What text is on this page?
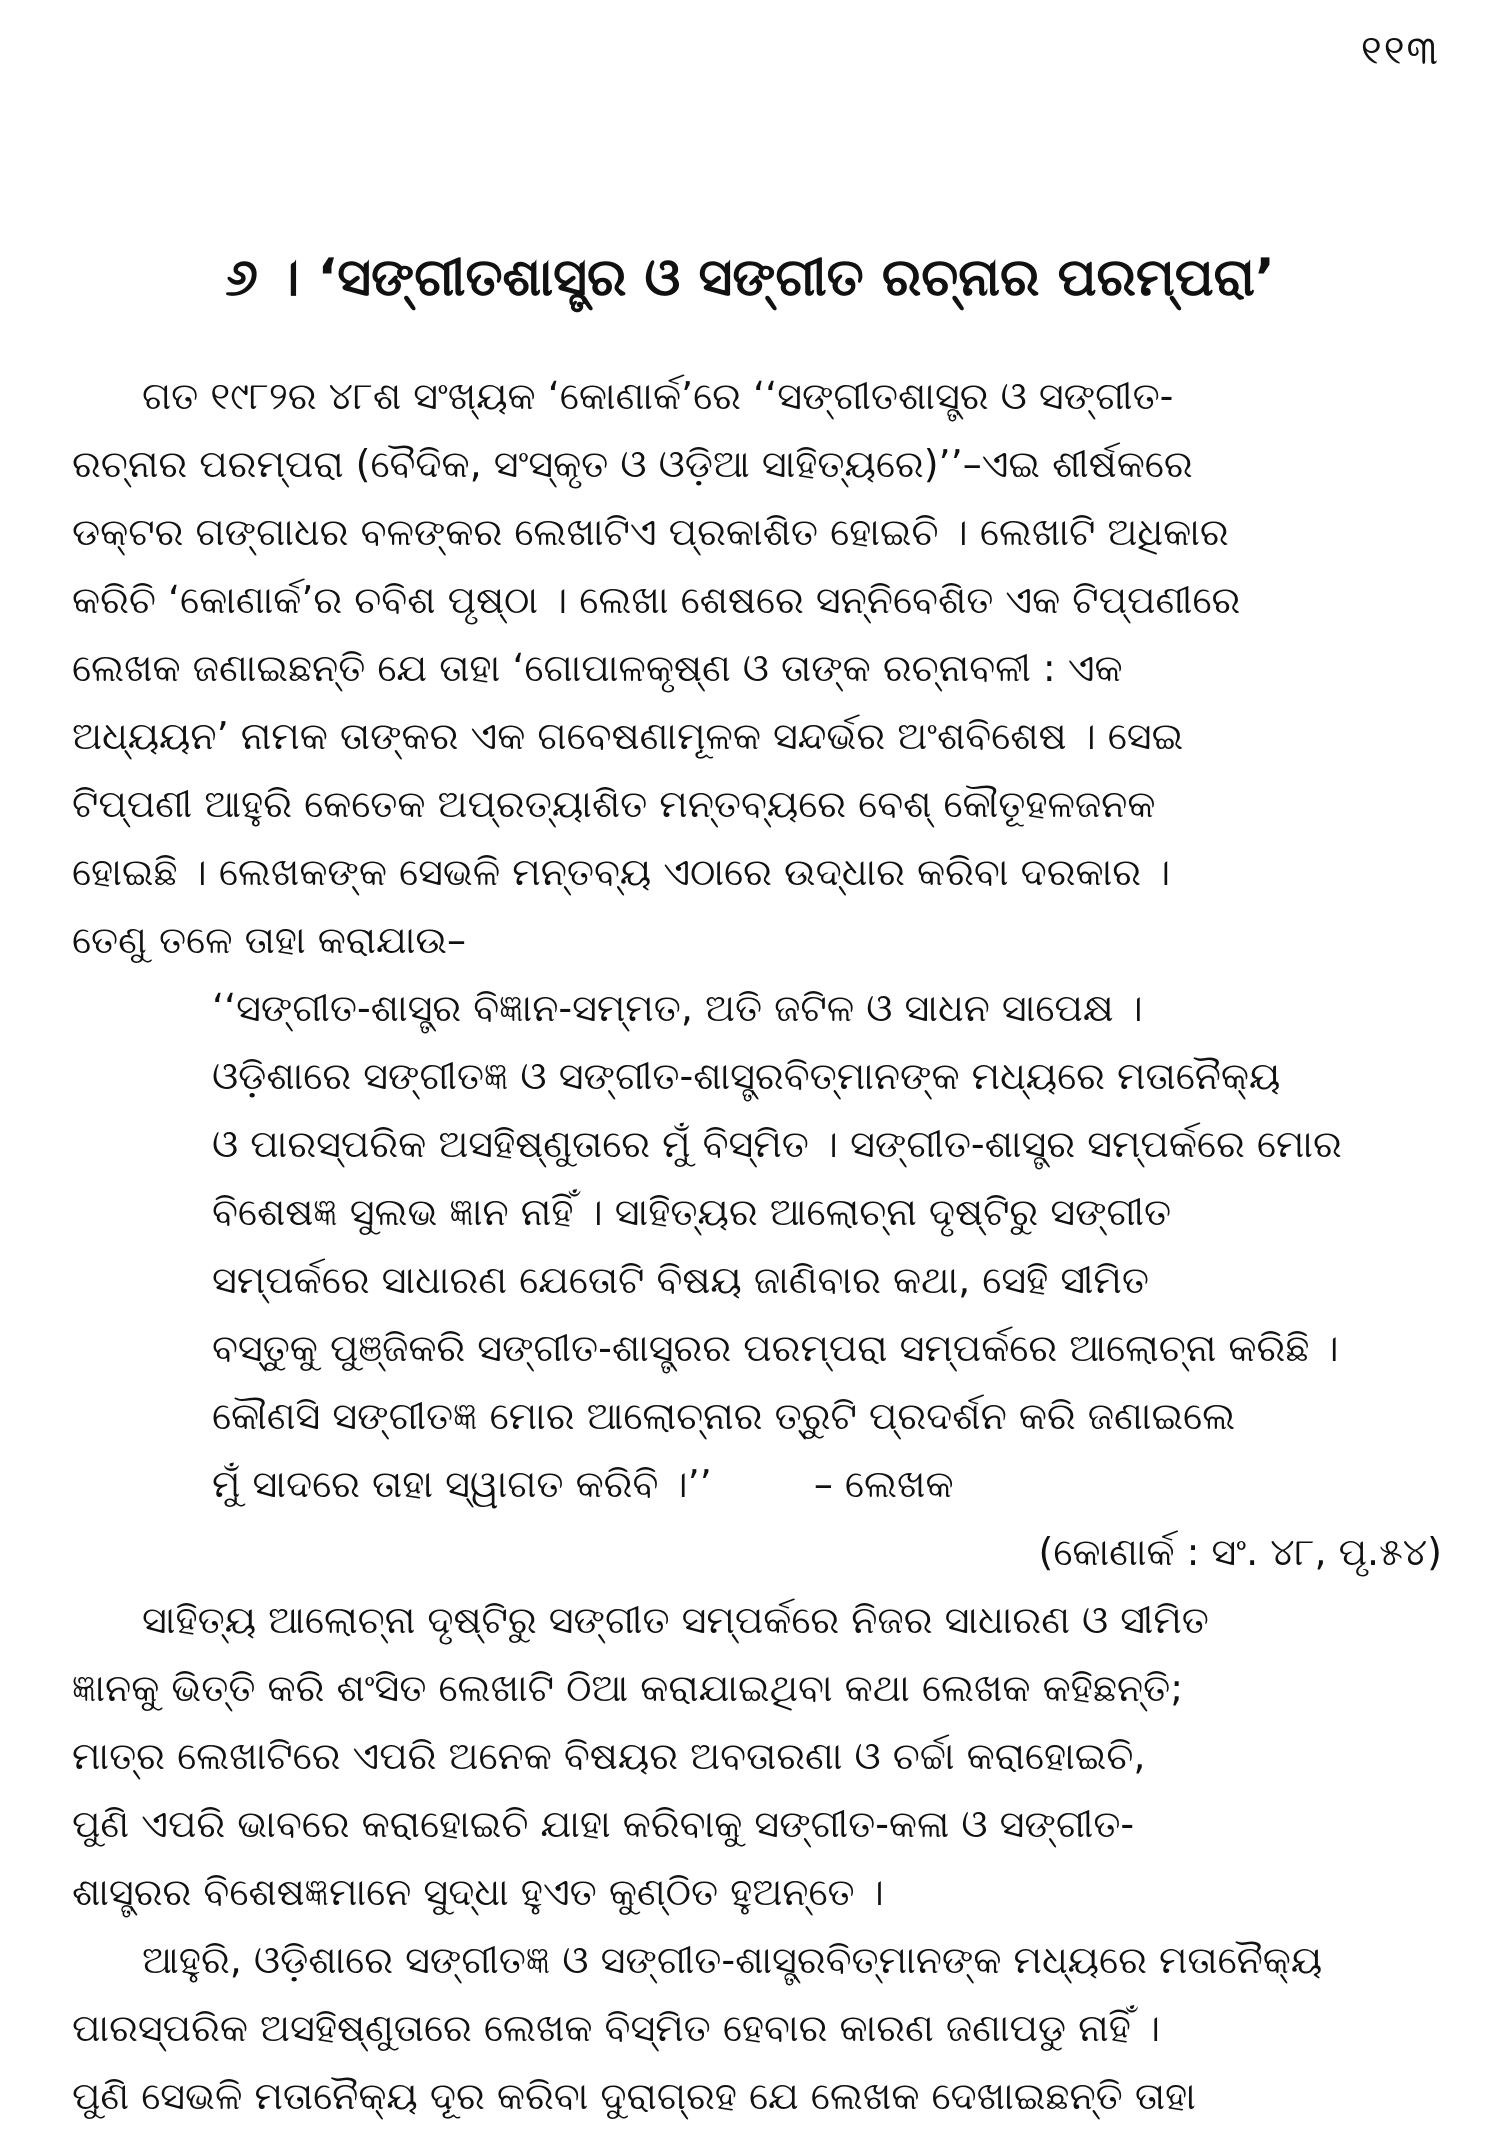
୧୧୩
୬ । ‘ସଙ୍ଗୀତଶାସ୍ତ୍ର ଓ ସଙ୍ଗୀତ ରଚ୍‌ନାର ପରମ୍ପରା’

ଗତ ୧୯୮୨ର ୪୮ଶ ସଂଖ୍ୟକ ‘କୋଣାର୍କ’ରେ ‘‘ସଙ୍ଗୀତଶାସ୍ତ୍ର ଓ ସଙ୍ଗୀତ-
ରଚ୍‌ନାର ପରମ୍ପରା (ବୈଦିକ, ସଂସ୍କୃତ ଓ ଓଡ଼ିଆ ସାହିତ୍ୟରେ)’’–ଏଇ ଶୀର୍ଷକରେ
ଡକ୍ଟର ଗଙ୍ଗାଧର ବଳଙ୍କର ଲେଖାଟିଏ ପ୍ରକାଶିତ ହୋଇଚି । ଲେଖାଟି ଅଧିକାର
କରିଚି ‘କୋଣାର୍କ’ର ଚବିଶ ପୃଷ୍ଠା । ଲେଖା ଶେଷରେ ସନ୍ନିବେଶିତ ଏକ ଟିପ୍‌ପଣୀରେ
ଲେଖକ ଜଣାଇଛନ୍ତି ଯେ ତାହା ‘ଗୋପାଳକୃଷ୍ଣ ଓ ତାଙ୍କ ରଚ୍‌ନାବଳୀ : ଏକ
ଅଧ୍ୟୟନ’ ନାମକ ତାଙ୍କର ଏକ ଗବେଷଣାମୂଳକ ସନ୍ଦର୍ଭର ଅଂଶବିଶେଷ । ସେଇ
ଟିପ୍‌ପଣୀ ଆହୁରି କେତେକ ଅପ୍ରତ୍ୟାଶିତ ମନ୍ତବ୍ୟରେ ବେଶ୍ କୌତୂହଳଜନକ
ହୋଇଛି । ଲେଖକଙ୍କ ସେଭଳି ମନ୍ତବ୍ୟ ଏଠାରେ ଉଦ୍ଧାର କରିବା ଦରକାର ।
ତେଣୁ ତଳେ ତାହା କରାଯାଉ–

‘‘ସଙ୍ଗୀତ-ଶାସ୍ତ୍ର ବିଜ୍ଞାନ-ସମ୍ମତ, ଅତି ଜଟିଳ ଓ ସାଧନ ସାପେକ୍ଷ ।
ଓଡ଼ିଶାରେ ସଙ୍ଗୀତଜ୍ଞ ଓ ସଙ୍ଗୀତ-ଶାସ୍ତ୍ରବିତ୍‌ମାନଙ୍କ ମଧ୍ୟରେ ମତାନୈକ୍ୟ
ଓ ପାରସ୍ପରିକ ଅସହିଷ୍ଣୁତାରେ ମୁଁ ବିସ୍ମିତ । ସଙ୍ଗୀତ-ଶାସ୍ତ୍ର ସମ୍ପର୍କରେ ମୋର
ବିଶେଷଜ୍ଞ ସୁଲଭ ଜ୍ଞାନ ନାହିଁ । ସାହିତ୍ୟର ଆଲୋଚ୍‌ନା ଦୃଷ୍ଟିରୁ ସଙ୍ଗୀତ
ସମ୍ପର୍କରେ ସାଧାରଣ ଯେତୋଟି ବିଷୟ ଜାଣିବାର କଥା, ସେହି ସୀମିତ
ବସ୍ତୁକୁ ପୁଞ୍ଜିକରି ସଙ୍ଗୀତ-ଶାସ୍ତ୍ରର ପରମ୍ପରା ସମ୍ପର୍କରେ ଆଲୋଚ୍‌ନା କରିଛି ।
କୌଣସି ସଙ୍ଗୀତଜ୍ଞ ମୋର ଆଲୋଚ୍‌ନାର ତ୍ରୁଟି ପ୍ରଦର୍ଶନ କରି ଜଣାଇଲେ
ମୁଁ ସାଦରେ ତାହା ସ୍ୱାଗତ କରିବି ।’’	– ଲେଖକ

(କୋଣାର୍କ : ସଂ. ୪୮, ପୃ.୫୪)

ସାହିତ୍ୟ ଆଲୋଚ୍‌ନା ଦୃଷ୍ଟିରୁ ସଙ୍ଗୀତ ସମ୍ପର୍କରେ ନିଜର ସାଧାରଣ ଓ ସୀମିତ
ଜ୍ଞାନକୁ ଭିତ୍ତି କରି ଶଂସିତ ଲେଖାଟି ଠିଆ କରାଯାଇଥିବା କଥା ଲେଖକ କହିଛନ୍ତି;
ମାତ୍ର ଲେଖାଟିରେ ଏପରି ଅନେକ ବିଷୟର ଅବତାରଣା ଓ ଚର୍ଚ୍ଚା କରାହୋଇଚି,
ପୁଣି ଏପରି ଭାବରେ କରାହୋଇଚି ଯାହା କରିବାକୁ ସଙ୍ଗୀତ-କଳା ଓ ସଙ୍ଗୀତ-
ଶାସ୍ତ୍ରର ବିଶେଷଜ୍ଞମାନେ ସୁଦ୍ଧା ହୁଏତ କୁଣ୍ଠିତ ହୁଅନ୍ତେ ।

ଆହୁରି, ଓଡ଼ିଶାରେ ସଙ୍ଗୀତଜ୍ଞ ଓ ସଙ୍ଗୀତ-ଶାସ୍ତ୍ରବିତ୍‌ମାନଙ୍କ ମଧ୍ୟରେ ମତାନୈକ୍ୟ
ପାରସ୍ପରିକ ଅସହିଷ୍ଣୁତାରେ ଲେଖକ ବିସ୍ମିତ ହେବାର କାରଣ ଜଣାପଡୁ ନାହିଁ ।
ପୁଣି ସେଭଳି ମତାନୈକ୍ୟ ଦୂର କରିବା ଦୁରାଗ୍ରହ ଯେ ଲେଖକ ଦେଖାଇଛନ୍ତି ତାହା
